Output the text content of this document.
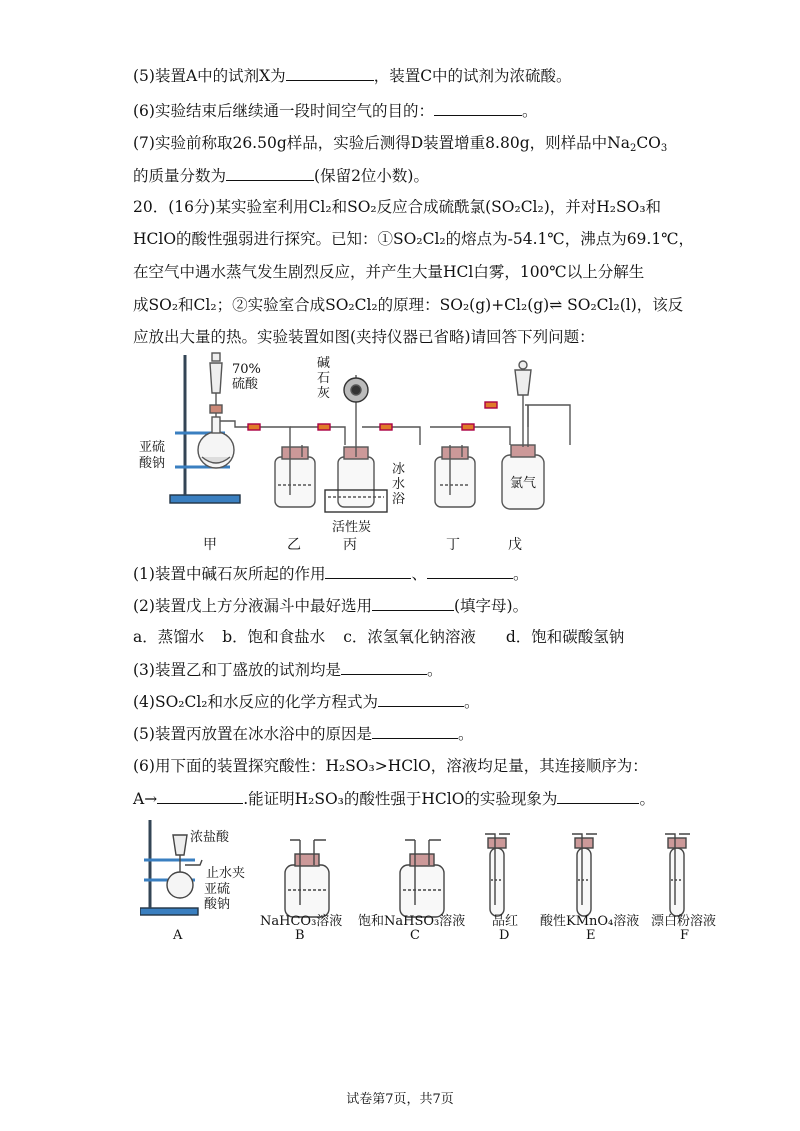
(5)装置A中的试剂X为	，装置C中的试剂为浓硫酸。
(6)实验结束后继续通一段时间空气的目的：	。
(7)实验前称取26.50g样品，实验后测得D装置增重8.80g，则样品中$Na_2CO_3$
的质量分数为	(保留2位小数)。
20．(16分)某实验室利用Cl₂和SO₂反应合成硫酰氯(SO₂Cl₂)，并对H₂SO₃和
HClO的酸性强弱进行探究。已知：①SO₂Cl₂的熔点为-54.1℃，沸点为69.1℃，
在空气中遇水蒸气发生剧烈反应，并产生大量HCl白雾，100℃以上分解生
成SO₂和Cl₂；②实验室合成SO₂Cl₂的原理：SO₂(g)+Cl₂(g)⇌ SO₂Cl₂(l)，该反
应放出大量的热。实验装置如图(夹持仪器已省略)请回答下列问题：
70%
硫酸
亚硫
酸钠
碱
石
灰
冰
水
浴
活性炭
氯气
甲	乙	丙	丁	戊
(1)装置中碱石灰所起的作用	、	。
(2)装置戊上方分液漏斗中最好选用	(填字母)。
a．蒸馏水 b．饱和食盐水 c．浓氢氧化钠溶液 d．饱和碳酸氢钠
(3)装置乙和丁盛放的试剂均是	。
(4)SO₂Cl₂和水反应的化学方程式为	。
(5)装置丙放置在冰水浴中的原因是	。
(6)用下面的装置探究酸性：H₂SO₃>HClO，溶液均足量，其连接顺序为：
A→	.能证明H₂SO₃的酸性强于HClO的实验现象为	。
浓盐酸
止水夹
亚硫
酸钠
NaHCO₃溶液 饱和NaHSO₃溶液 品红 酸性KMnO₄溶液 漂白粉溶液
A	B	C	D	E	F
试卷第7页，共7页
